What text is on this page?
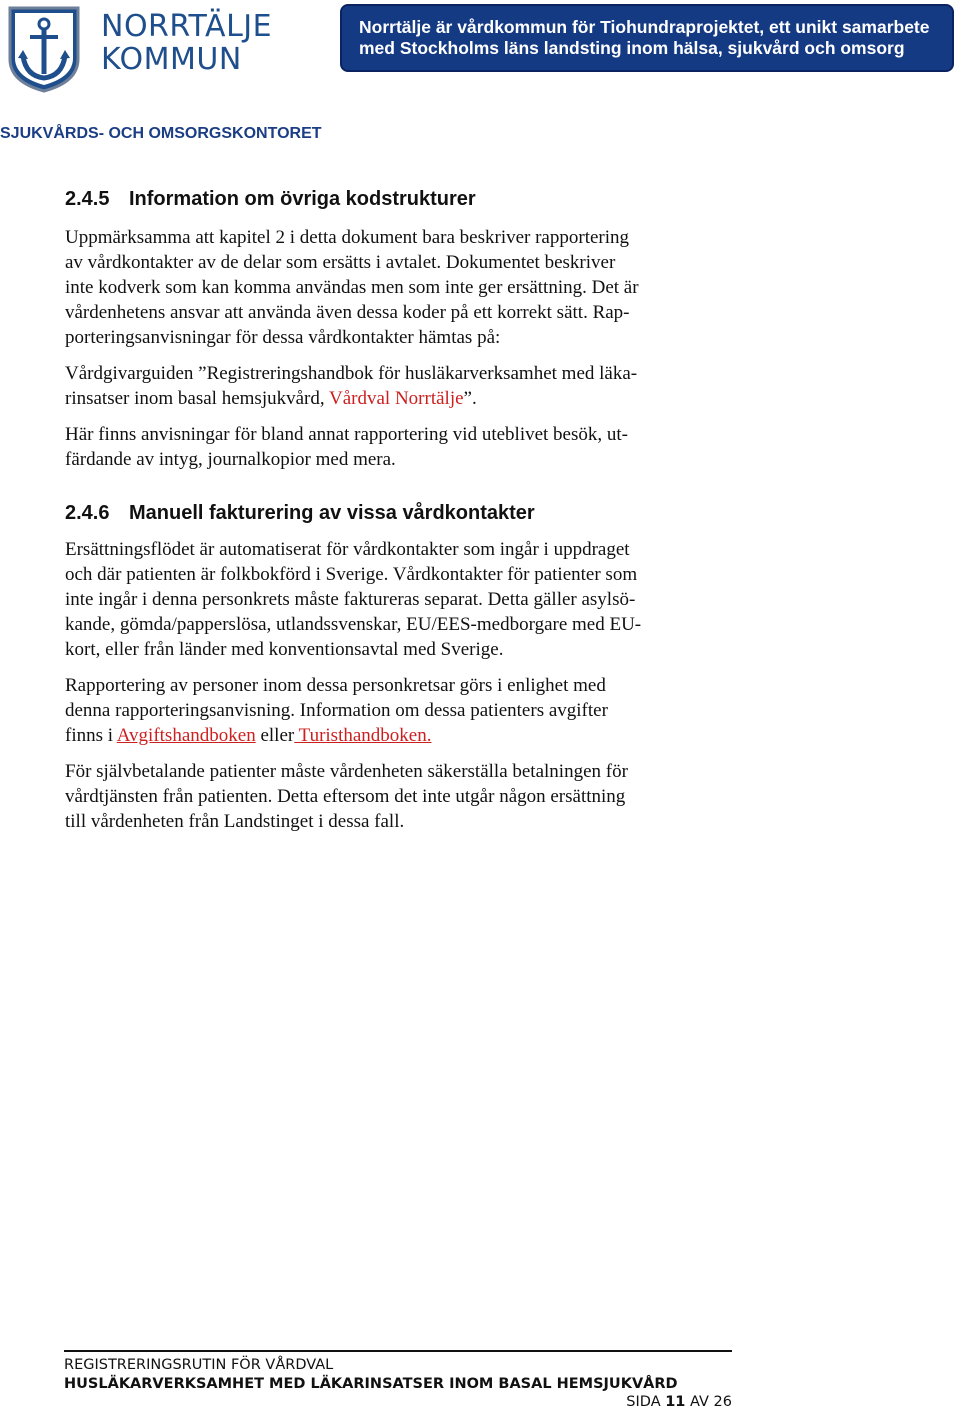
NORRTÄLJE
KOMMUN
Norrtälje är vårdkommun för Tiohundraprojektet, ett unikt samarbete
med Stockholms läns landsting inom hälsa, sjukvård och omsorg
SJUKVÅRDS- OCH OMSORGSKONTORET
2.4.5 Information om övriga kodstrukturer

Uppmärksamma att kapitel 2 i detta dokument bara beskriver rapportering

av vårdkontakter av de delar som ersätts i avtalet. Dokumentet beskriver

inte kodverk som kan komma användas men som inte ger ersättning. Det är

vårdenhetens ansvar att använda även dessa koder på ett korrekt sätt. Rap-

porteringsanvisningar för dessa vårdkontakter hämtas på:

Vårdgivarguiden ”Registreringshandbok för husläkarverksamhet med läka-

rinsatser inom basal hemsjukvård, Vårdval Norrtälje”.

Här finns anvisningar för bland annat rapportering vid uteblivet besök, ut-

färdande av intyg, journalkopior med mera.

2.4.6 Manuell fakturering av vissa vårdkontakter

Ersättningsflödet är automatiserat för vårdkontakter som ingår i uppdraget

och där patienten är folkbokförd i Sverige. Vårdkontakter för patienter som

inte ingår i denna personkrets måste faktureras separat. Detta gäller asylsö-

kande, gömda/papperslösa, utlandssvenskar, EU/EES-medborgare med EU-

kort, eller från länder med konventionsavtal med Sverige.

Rapportering av personer inom dessa personkretsar görs i enlighet med

denna rapporteringsanvisning. Information om dessa patienters avgifter

finns i Avgiftshandboken eller Turisthandboken.

För självbetalande patienter måste vårdenheten säkerställa betalningen för

vårdtjänsten från patienten. Detta eftersom det inte utgår någon ersättning

till vårdenheten från Landstinget i dessa fall.

REGISTRERINGSRUTIN FÖR VÅRDVAL
HUSLÄKARVERKSAMHET MED LÄKARINSATSER INOM BASAL HEMSJUKVÅRD
SIDA 11 AV 26
